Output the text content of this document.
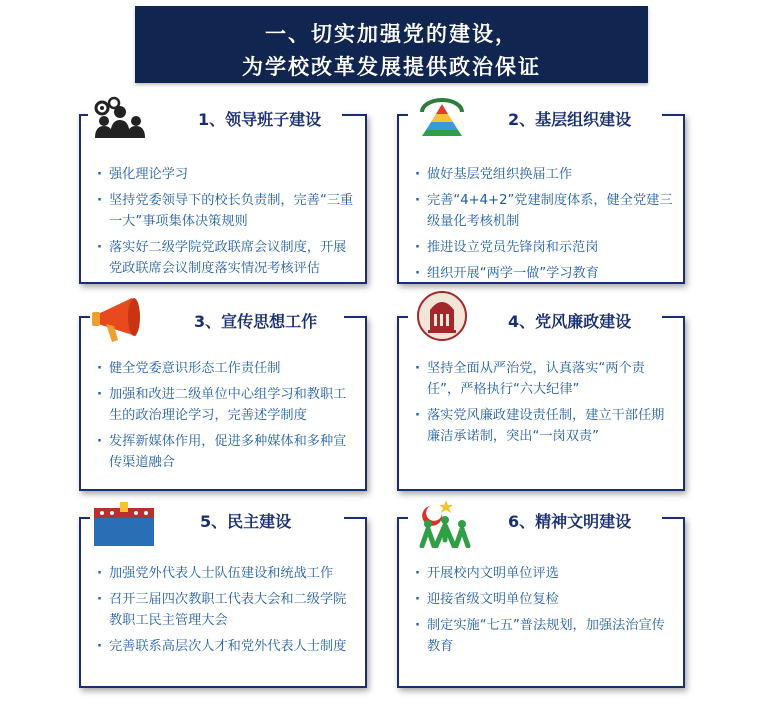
一、切实加强党的建设，
为学校改革发展提供政治保证
· 强化理论学习
· 坚持党委领导下的校长负责制，完善“三重一大”事项集体决策规则
· 落实好二级学院党政联席会议制度，开展党政联席会议制度落实情况考核评估
1、领导班子建设
· 做好基层党组织换届工作
· 完善“4+4+2”党建制度体系，健全党建三级量化考核机制
· 推进设立党员先锋岗和示范岗
· 组织开展“两学一做”学习教育
2、基层组织建设
· 健全党委意识形态工作责任制
· 加强和改进二级单位中心组学习和教职工生的政治理论学习，完善述学制度
· 发挥新媒体作用，促进多种媒体和多种宣传渠道融合
3、宣传思想工作
· 坚持全面从严治党，认真落实“两个责任”，严格执行“六大纪律”
· 落实党风廉政建设责任制，建立干部任期廉洁承诺制，突出“一岗双责”
4、党风廉政建设
· 加强党外代表人士队伍建设和统战工作
· 召开三届四次教职工代表大会和二级学院教职工民主管理大会
· 完善联系高层次人才和党外代表人士制度
5、民主建设
· 开展校内文明单位评选
· 迎接省级文明单位复检
· 制定实施“七五”普法规划，加强法治宣传教育
6、精神文明建设
